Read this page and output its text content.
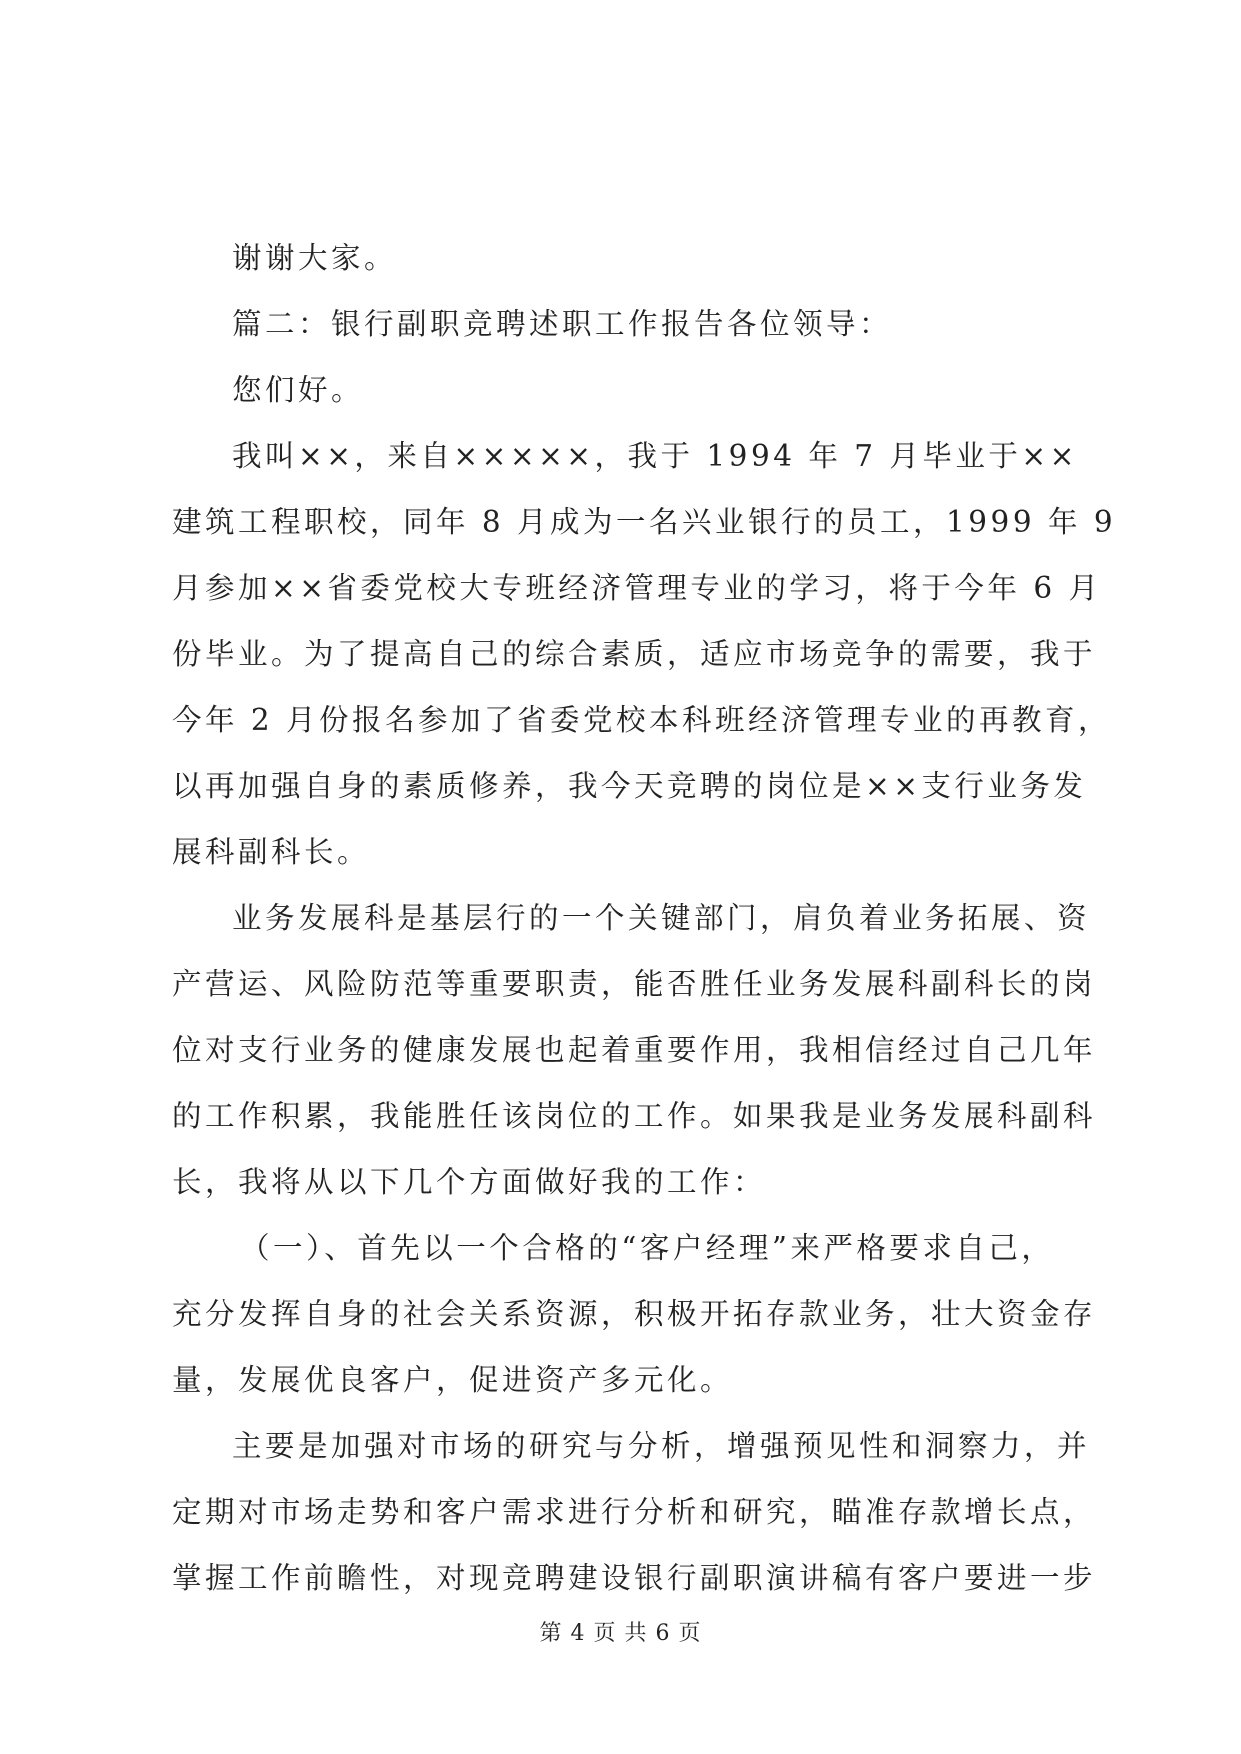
谢谢大家。
篇二：银行副职竞聘述职工作报告各位领导：
您们好。
我叫××，来自×××××，我于 1994 年 7 月毕业于××
建筑工程职校，同年 8 月成为一名兴业银行的员工，1999 年 9
月参加××省委党校大专班经济管理专业的学习，将于今年 6 月
份毕业。为了提高自己的综合素质，适应市场竞争的需要，我于
今年 2 月份报名参加了省委党校本科班经济管理专业的再教育，
以再加强自身的素质修养，我今天竞聘的岗位是××支行业务发
展科副科长。
业务发展科是基层行的一个关键部门，肩负着业务拓展、资
产营运、风险防范等重要职责，能否胜任业务发展科副科长的岗
位对支行业务的健康发展也起着重要作用，我相信经过自己几年
的工作积累，我能胜任该岗位的工作。如果我是业务发展科副科
长，我将从以下几个方面做好我的工作：
（一）、首先以一个合格的“客户经理”来严格要求自己，
充分发挥自身的社会关系资源，积极开拓存款业务，壮大资金存
量，发展优良客户，促进资产多元化。
主要是加强对市场的研究与分析，增强预见性和洞察力，并
定期对市场走势和客户需求进行分析和研究，瞄准存款增长点，
掌握工作前瞻性，对现竞聘建设银行副职演讲稿有客户要进一步
第 4 页 共 6 页
